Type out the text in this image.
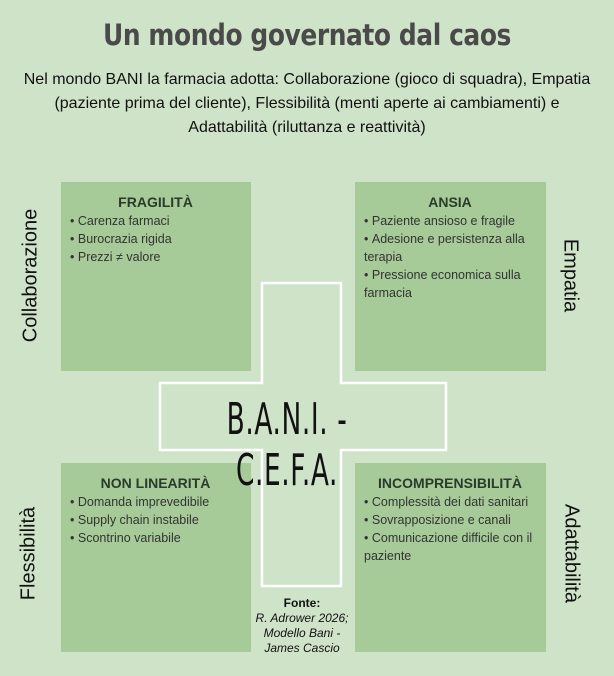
Un mondo governato dal caos
Nel mondo BANI la farmacia adotta: Collaborazione (gioco di squadra), Empatia (paziente prima del cliente), Flessibilità (menti aperte ai cambiamenti) e Adattabilità (riluttanza e reattività)
FRAGILITÀ
• Carenza farmaci
• Burocrazia rigida
• Prezzi ≠ valore
ANSIA
• Paziente ansioso e fragile
• Adesione e persistenza alla terapia
• Pressione economica sulla farmacia
NON LINEARITÀ
• Domanda imprevedibile
• Supply chain instabile
• Scontrino variabile
INCOMPRENSIBILITÀ
• Complessità dei dati sanitari
• Sovrapposizione e canali
• Comunicazione difficile con il paziente
B.A.N.I. - C.E.F.A.
Collaborazione	Empatia
Flessibilità	Adattabilità
Fonte:
R. Adrower 2026; Modello Bani - James Cascio
